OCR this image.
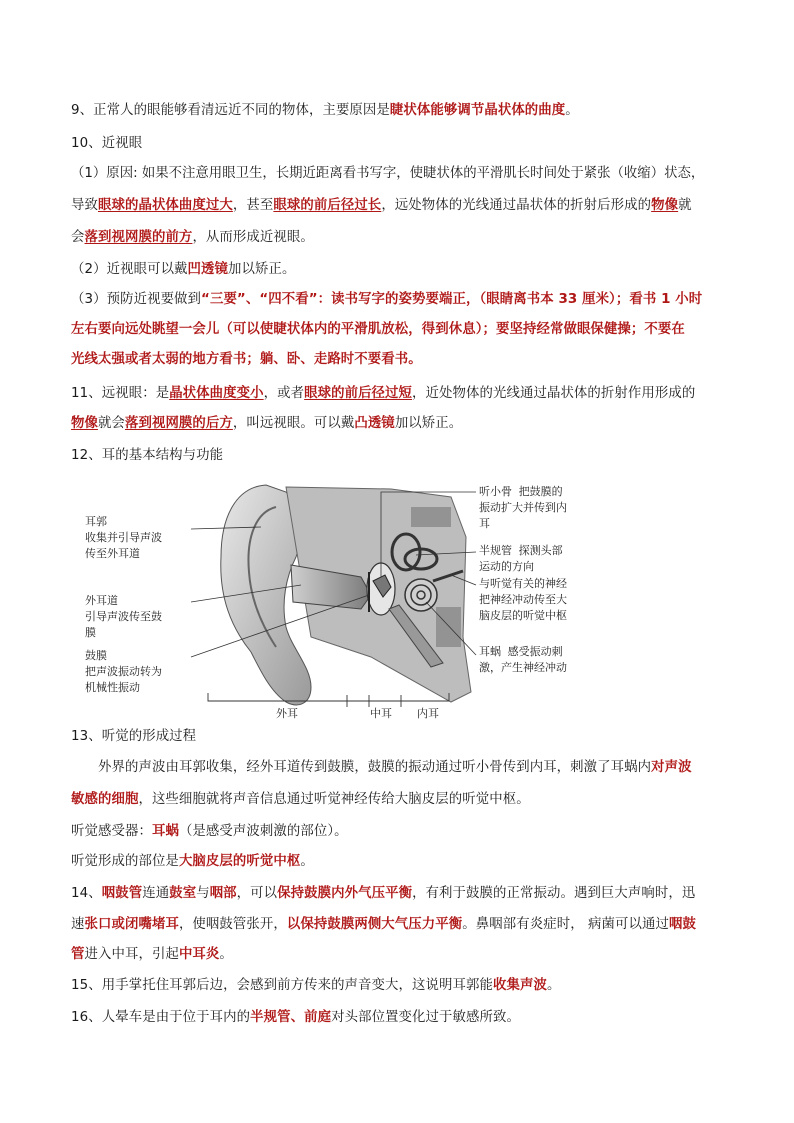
9、正常人的眼能够看清远近不同的物体，主要原因是睫状体能够调节晶状体的曲度。
10、近视眼
（1）原因: 如果不注意用眼卫生，长期近距离看书写字，使睫状体的平滑肌长时间处于紧张（收缩）状态，
导致眼球的晶状体曲度过大，甚至眼球的前后径过长，远处物体的光线通过晶状体的折射后形成的物像就
会落到视网膜的前方，从而形成近视眼。
（2）近视眼可以戴凹透镜加以矫正。
（3）预防近视要做到“三要”、“四不看”：读书写字的姿势要端正，（眼睛离书本 33 厘米）；看书 1 小时
左右要向远处眺望一会儿（可以使睫状体内的平滑肌放松，得到休息）；要坚持经常做眼保健操；不要在
光线太强或者太弱的地方看书；躺、卧、走路时不要看书。
11、远视眼：是晶状体曲度变小，或者眼球的前后径过短，近处物体的光线通过晶状体的折射作用形成的
物像就会落到视网膜的后方，叫远视眼。可以戴凸透镜加以矫正。
12、耳的基本结构与功能
耳郭收集并引导声波传至外耳道
外耳道引导声波传至鼓膜
鼓膜把声波振动转为机械性振动
听小骨 把鼓膜的振动扩大并传到内耳
半规管 探测头部运动的方向
与听觉有关的神经把神经冲动传至大脑皮层的听觉中枢
耳蜗 感受振动刺激，产生神经冲动
外耳	中耳 内耳
13、听觉的形成过程
外界的声波由耳郭收集，经外耳道传到鼓膜，鼓膜的振动通过听小骨传到内耳，刺激了耳蜗内对声波
敏感的细胞，这些细胞就将声音信息通过听觉神经传给大脑皮层的听觉中枢。
听觉感受器：耳蜗（是感受声波刺激的部位）。
听觉形成的部位是大脑皮层的听觉中枢。
14、咽鼓管连通鼓室与咽部，可以保持鼓膜内外气压平衡，有利于鼓膜的正常振动。遇到巨大声响时，迅
速张口或闭嘴堵耳，使咽鼓管张开，以保持鼓膜两侧大气压力平衡。鼻咽部有炎症时， 病菌可以通过咽鼓
管进入中耳，引起中耳炎。
15、用手掌托住耳郭后边，会感到前方传来的声音变大，这说明耳郭能收集声波。
16、人晕车是由于位于耳内的半规管、前庭对头部位置变化过于敏感所致。
